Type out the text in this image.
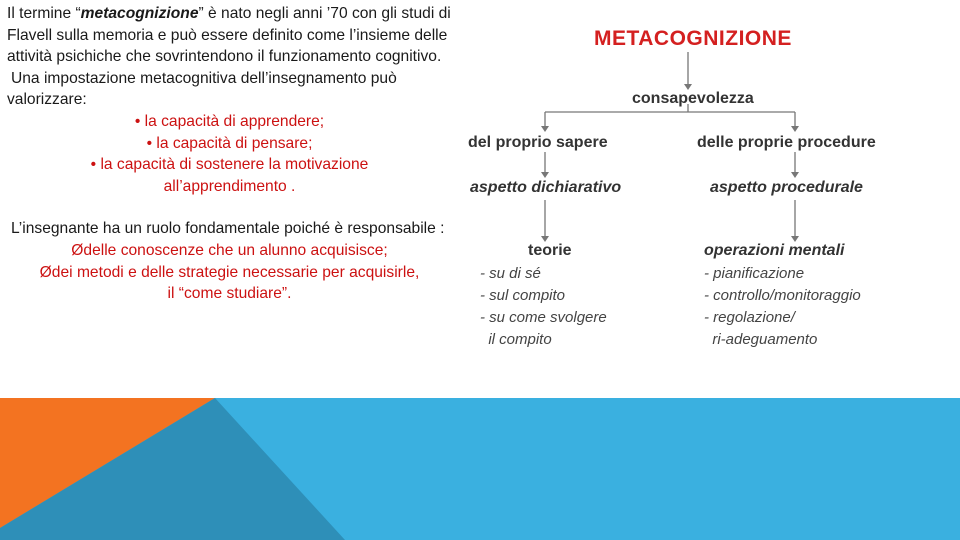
Il termine “metacognizione” è nato negli anni ’70 con gli studi di Flavell sulla memoria e può essere definito come l’insieme delle attività psichiche che sovrintendono il funzionamento cognitivo.

Una impostazione metacognitiva dell’insegnamento può valorizzare:

• la capacità di apprendere;

• la capacità di pensare;

• la capacità di sostenere la motivazione all’apprendimento .

L’insegnante ha un ruolo fondamentale poiché è responsabile :

Ødelle conoscenze che un alunno acquisisce;

Ødei metodi e delle strategie necessarie per acquisirle, il “come studiare”.

METACOGNIZIONE
consapevolezza
del proprio sapere
aspetto dichiarativo
teorie
- su di sé
- sul compito
- su come svolgere
il compito
delle proprie procedure
aspetto procedurale
operazioni mentali
- pianificazione
- controllo/monitoraggio
- regolazione/
ri-adeguamento
